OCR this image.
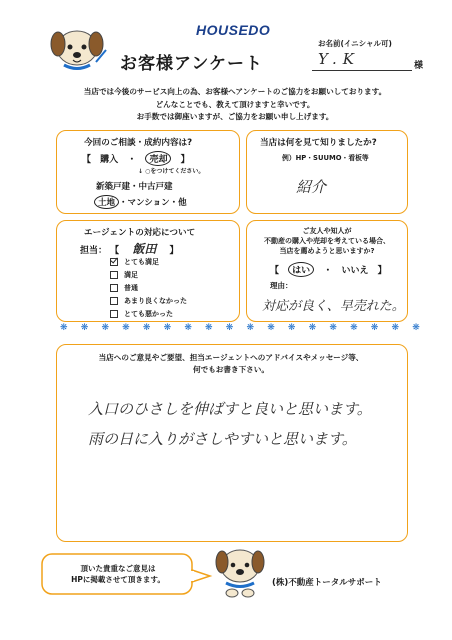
HOUSEDO
お名前(イニシャル可)
お客様アンケート	Y.K	様
当店では今後のサービス向上の為、お客様へアンケートのご協力をお願いしております。
どんなことでも、教えて頂けますと幸いです。
お手数では御座いますが、ご協力をお願い申し上げます。
今回のご相談・成約内容は?
【 購入 ・ 売却 】
↓ ○をつけてください。
新築戸建・中古戸建
土地 ・マンション・他
当店は何を見て知りましたか?
例）HP・SUUMO・看板等
紹介
エージェントの対応について
担当： 【 飯田 】
とても満足
満足
普通
あまり良くなかった
とても悪かった
ご友人や知人が
不動産の購入や売却を考えている場合、
当店を薦めようと思いますか?
【 はい ・ いいえ 】
理由：
対応が良く、早売れた。
❋ ❋ ❋ ❋ ❋ ❋ ❋ ❋ ❋ ❋ ❋ ❋ ❋ ❋ ❋ ❋ ❋ ❋
当店へのご意見やご要望、担当エージェントへのアドバイスやメッセージ等、
何でもお書き下さい。
入口のひさしを伸ばすと良いと思います。
雨の日に入りがさしやすいと思います。
頂いた貴重なご意見は
HPに掲載させて頂きます。	(株)不動産トータルサポート
